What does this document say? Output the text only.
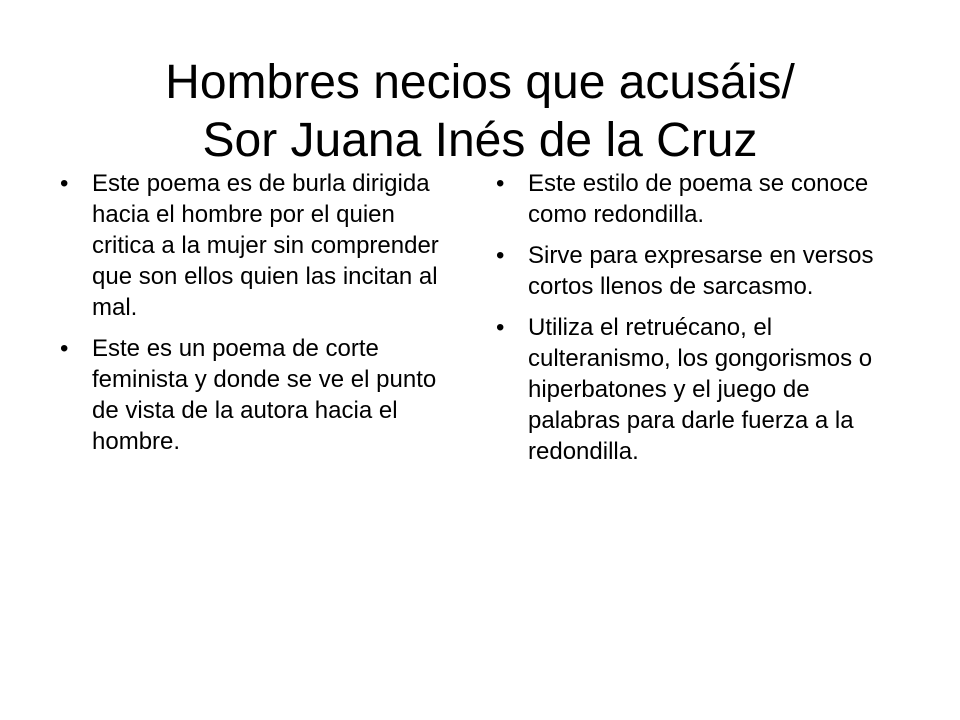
Hombres necios que acusáis/
Sor Juana Inés de la Cruz
• Este poema es de burla dirigida hacia el hombre por el quien critica a la mujer sin comprender que son ellos quien las incitan al mal.
• Este es un poema de corte feminista y donde se ve el punto de vista de la autora hacia el hombre.
• Este estilo de poema se conoce como redondilla.
• Sirve para expresarse en versos cortos llenos de sarcasmo.
• Utiliza el retruécano, el culteranismo, los gongorismos o hiperbatones y el juego de palabras para darle fuerza a la redondilla.
